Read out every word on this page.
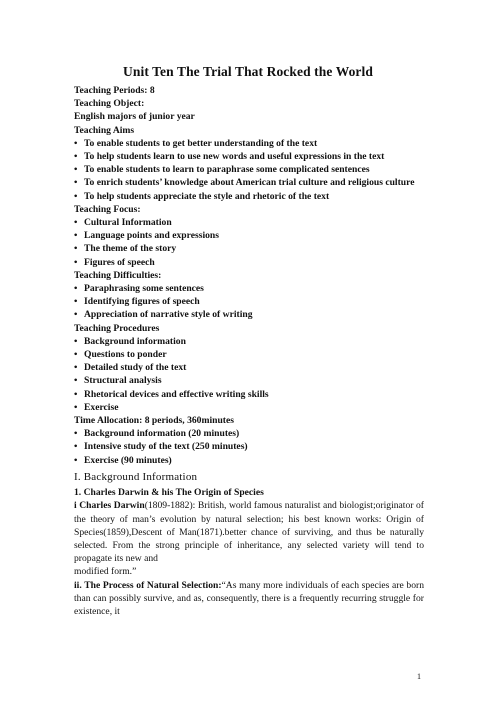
Unit Ten The Trial That Rocked the World
Teaching Periods: 8
Teaching Object:
English majors of junior year
Teaching Aims
• To enable students to get better understanding of the text
• To help students learn to use new words and useful expressions in the text
• To enable students to learn to paraphrase some complicated sentences
• To enrich students’ knowledge about American trial culture and religious culture
• To help students appreciate the style and rhetoric of the text
Teaching Focus:
• Cultural Information
• Language points and expressions
• The theme of the story
• Figures of speech
Teaching Difficulties:
• Paraphrasing some sentences
• Identifying figures of speech
• Appreciation of narrative style of writing
Teaching Procedures
• Background information
• Questions to ponder
• Detailed study of the text
• Structural analysis
• Rhetorical devices and effective writing skills
• Exercise
Time Allocation: 8 periods, 360minutes
• Background information (20 minutes)
• Intensive study of the text (250 minutes)
• Exercise (90 minutes)
I. Background Information
1. Charles Darwin & his The Origin of Species

i Charles Darwin(1809-1882): British, world famous naturalist and biologist;originator of the theory of man’s evolution by natural selection; his best known works: Origin of Species(1859),Descent of Man(1871).better chance of surviving, and thus be naturally selected. From the strong principle of inheritance, any selected variety will tend to propagate its new and

modified form.”

ii. The Process of Natural Selection:“As many more individuals of each species are born than can possibly survive, and as, consequently, there is a frequently recurring struggle for existence, it

1
